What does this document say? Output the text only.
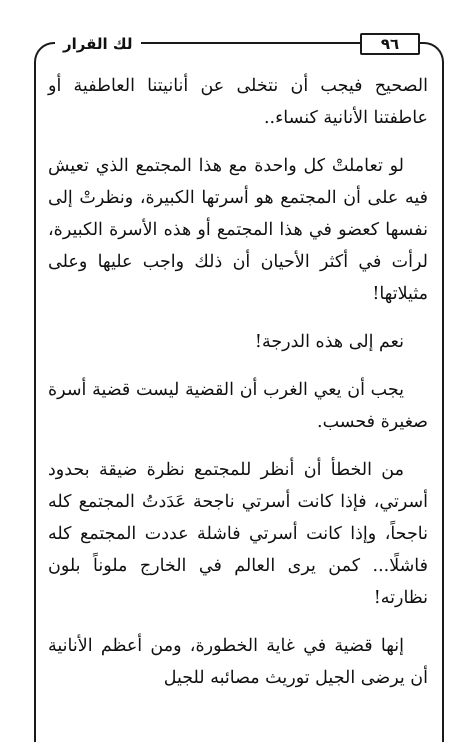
٩٦
لك القرار

الصحيح فيجب أن نتخلى عن أنانيتنا العاطفية أو عاطفتنا الأنانية كنساء..

لو تعاملتْ كل واحدة مع هذا المجتمع الذي تعيش فيه على أن المجتمع هو أسرتها الكبيرة، ونظرتْ إلى نفسها كعضو في هذا المجتمع أو هذه الأسرة الكبيرة، لرأت في أكثر الأحيان أن ذلك واجب عليها وعلى مثيلاتها!

نعم إلى هذه الدرجة!

يجب أن يعي الغرب أن القضية ليست قضية أسرة صغيرة فحسب.

من الخطأ أن أنظر للمجتمع نظرة ضيقة بحدود أسرتي، فإذا كانت أسرتي ناجحة عَدَدتُ المجتمع كله ناجحاً، وإذا كانت أسرتي فاشلة عددت المجتمع كله فاشلًا... كمن يرى العالم في الخارج ملوناً بلون نظارته!

إنها قضية في غاية الخطورة، ومن أعظم الأنانية أن يرضى الجيل توريث مصائبه للجيل
